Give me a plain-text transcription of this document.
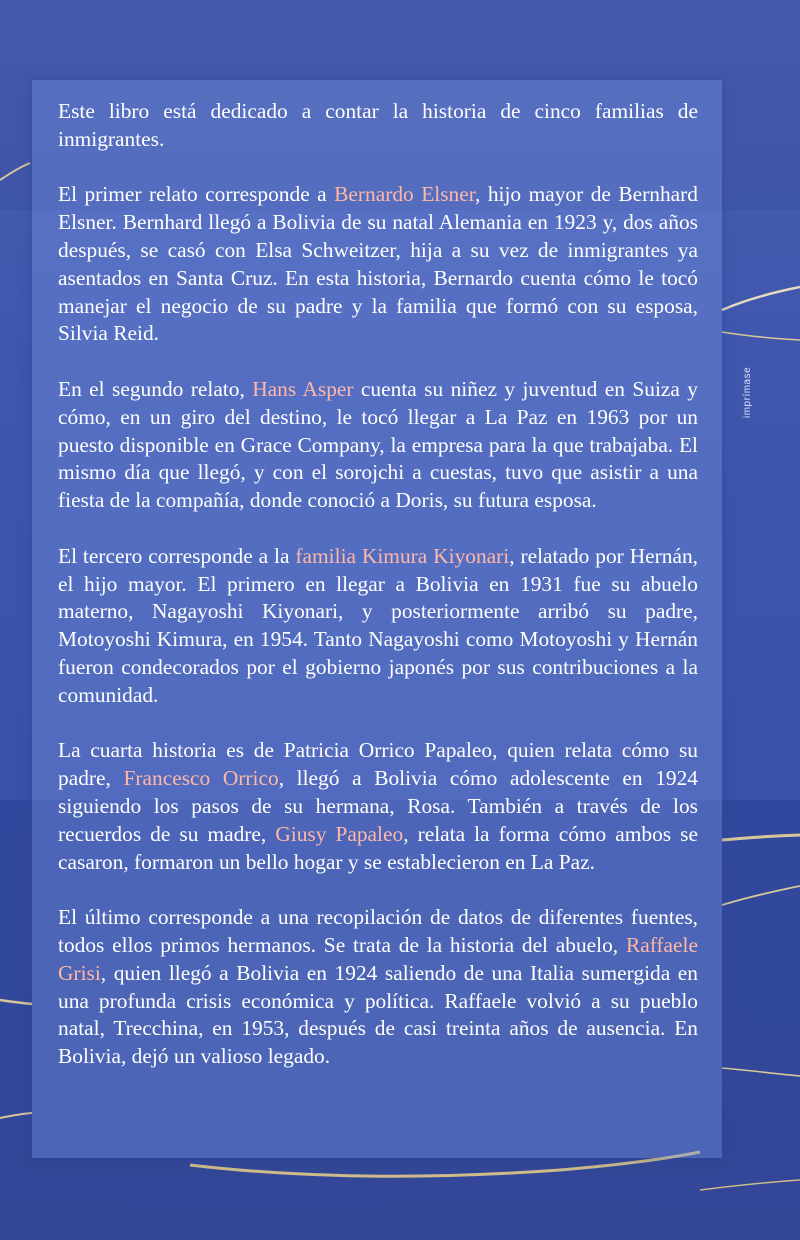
Este libro está dedicado a contar la historia de cinco familias de inmigrantes.

El primer relato corresponde a Bernardo Elsner, hijo mayor de Bernhard Elsner. Bernhard llegó a Bolivia de su natal Alemania en 1923 y, dos años después, se casó con Elsa Schweitzer, hija a su vez de inmigrantes ya asentados en Santa Cruz. En esta historia, Bernardo cuenta cómo le tocó manejar el negocio de su padre y la familia que formó con su esposa, Silvia Reid.

En el segundo relato, Hans Asper cuenta su niñez y juventud en Suiza y cómo, en un giro del destino, le tocó llegar a La Paz en 1963 por un puesto disponible en Grace Company, la empresa para la que trabajaba. El mismo día que llegó, y con el sorojchi a cuestas, tuvo que asistir a una fiesta de la compañía, donde conoció a Doris, su futura esposa.

El tercero corresponde a la familia Kimura Kiyonari, relatado por Hernán, el hijo mayor. El primero en llegar a Bolivia en 1931 fue su abuelo materno, Nagayoshi Kiyonari, y posteriormente arribó su padre, Motoyoshi Kimura, en 1954. Tanto Nagayoshi como Motoyoshi y Hernán fueron condecorados por el gobierno japonés por sus contribuciones a la comunidad.

La cuarta historia es de Patricia Orrico Papaleo, quien relata cómo su padre, Francesco Orrico, llegó a Bolivia cómo adolescente en 1924 siguiendo los pasos de su hermana, Rosa. También a través de los recuerdos de su madre, Giusy Papaleo, relata la forma cómo ambos se casaron, formaron un bello hogar y se establecieron en La Paz.

El último corresponde a una recopilación de datos de diferentes fuentes, todos ellos primos hermanos. Se trata de la historia del abuelo, Raffaele Grisi, quien llegó a Bolivia en 1924 saliendo de una Italia sumergida en una profunda crisis económica y política. Raffaele volvió a su pueblo natal, Trecchina, en 1953, después de casi treinta años de ausencia. En Bolivia, dejó un valioso legado.

imprímase
